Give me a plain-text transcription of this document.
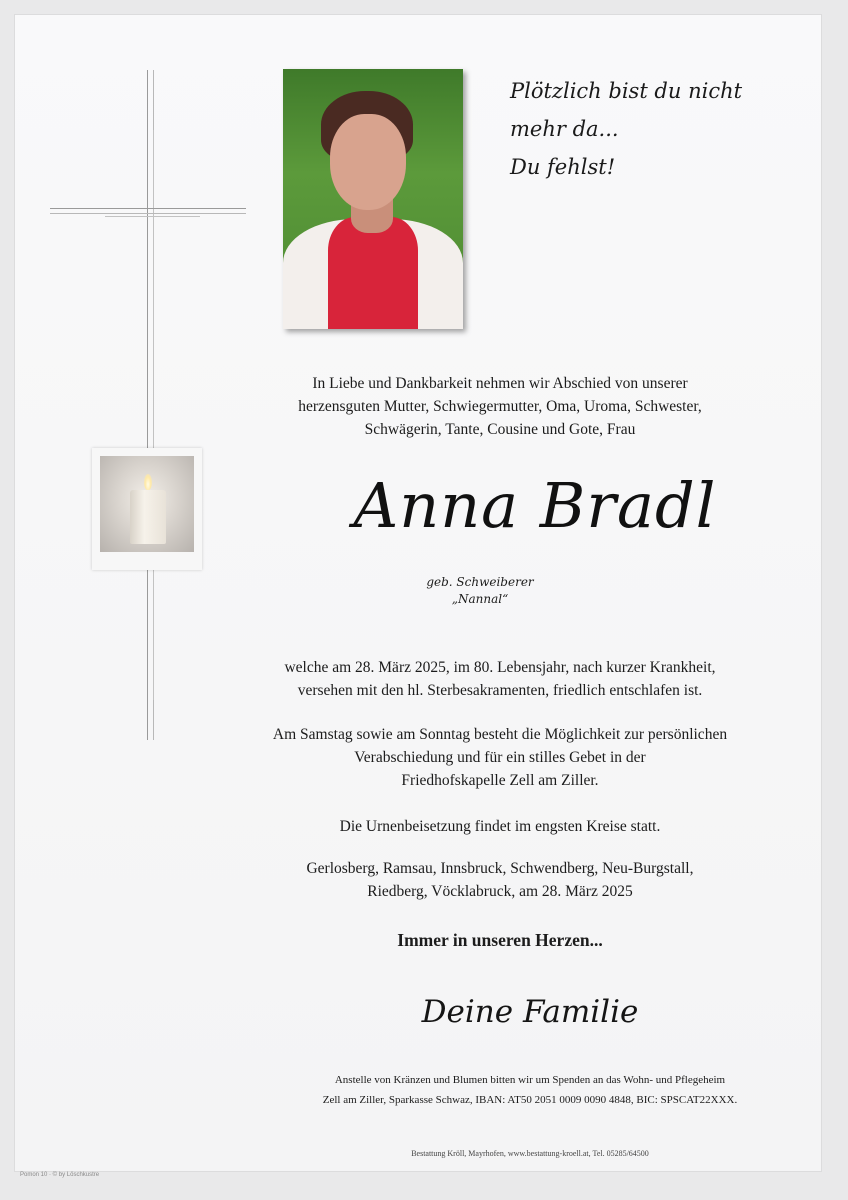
Plötzlich bist du nicht mehr da...
Du fehlst!
In Liebe und Dankbarkeit nehmen wir Abschied von unserer
herzensguten Mutter, Schwiegermutter, Oma, Uroma, Schwester,
Schwägerin, Tante, Cousine und Gote, Frau
Anna Bradl
geb. Schweiberer
„Nannal“
welche am 28. März 2025, im 80. Lebensjahr, nach kurzer Krankheit,
versehen mit den hl. Sterbesakramenten, friedlich entschlafen ist.
Am Samstag sowie am Sonntag besteht die Möglichkeit zur persönlichen
Verabschiedung und für ein stilles Gebet in der
Friedhofskapelle Zell am Ziller.
Die Urnenbeisetzung findet im engsten Kreise statt.
Gerlosberg, Ramsau, Innsbruck, Schwendberg, Neu-Burgstall,
Riedberg, Vöcklabruck, am 28. März 2025
Immer in unseren Herzen...
Deine Familie
Anstelle von Kränzen und Blumen bitten wir um Spenden an das Wohn- und Pflegeheim
Zell am Ziller, Sparkasse Schwaz, IBAN: AT50 2051 0009 0090 4848, BIC: SPSCAT22XXX.
Bestattung Kröll, Mayrhofen, www.bestattung-kroell.at, Tel. 05285/64500
Pomon 10 · © by Löschkustre
